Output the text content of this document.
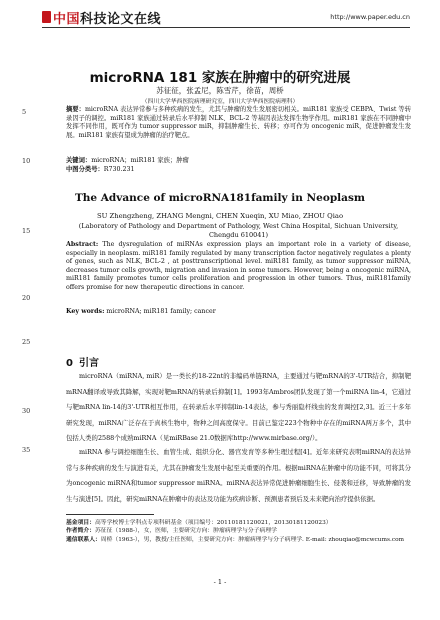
中国 科技论文在线	http://www.paper.edu.cn
5
10
15
20
25
30
35
microRNA 181 家族在肿瘤中的研究进展
苏征征，张孟尼，陈雪芹，徐苗，周桥
（四川大学华西医院病理研究室，四川大学华西医院病理科）
摘要：microRNA 表达异常参与多种疾病的发生，尤其与肿瘤的发生发展密切相关。miR181 家族受 CEBPA、Twist 等转录因子的调控。miR181 家族通过转录后水平抑制 NLK、BCL-2 等基因表达发挥生物学作用。miR181 家族在不同肿瘤中发挥不同作用，既可作为 tumor suppressor miR，抑制肿瘤生长、转移；亦可作为 oncogenic miR，促进肿瘤发生发展。miR181 家族有望成为肿瘤的治疗靶点。
关键词：microRNA；miR181 家族；肿瘤
中图分类号：R730.231
The Advance of microRNA181family in Neoplasm
SU Zhengzheng, ZHANG Mengni, CHEN Xueqin, XU Miao, ZHOU Qiao
(Laboratory of Pathology and Department of Pathology, West China Hospital, Sichuan University, Chengdu 610041)
Abstract: The dysregulation of miRNAs expression plays an important role in a variety of disease, especially in neoplasm. miR181 family regulated by many transcription factor negatively regulates a plenty of genes, such as NLK, BCL-2 , at posttranscriptional level. miR181 family, as tumor suppressor miRNA, decreases tumor cells growth, migration and invasion in some tumors. However, being a oncogenic miRNA, miR181 family promotes tumor cells proliferation and progression in other tumors. Thus, miR181family offers promise for new therapeutic directions in cancer.
Key words: microRNA; miR181 family; cancer
0 引言
microRNA（miRNA, miR）是一类长约18-22nt的非编码单链RNA，主要通过与靶mRNA的3'-UTR结合，抑制靶mRNA翻译或导致其降解，实现对靶mRNA的转录后抑制[1]。1993年Ambros团队发现了第一个miRNA lin-4，它通过与靶mRNA lin-14的3'-UTR相互作用，在转录后水平抑制lin-14表达，参与秀丽隐杆线虫的发育调控[2,3]。近三十多年研究发现，miRNA广泛存在于真核生物中，物种之间高度保守。目前已鉴定223个物种中存在的miRNA两万多个，其中包括人类的2588个成熟miRNA（见miRBase 21.0数据库http://www.mirbase.org/）。
miRNA 参与调控细胞生长、血管生成、组织分化、器官发育等多种生理过程[4]。近年来研究表明miRNA的表达异常与多种疾病的发生与演进有关，尤其在肿瘤发生发展中起至关重要的作用。根据miRNA在肿瘤中的功能不同，可将其分为oncogenic miRNA和tumor suppressor miRNA。miRNA表达异常促进肿瘤细胞生长、侵袭和迁移，导致肿瘤的发生与演进[5]。因此，研究miRNA在肿瘤中的表达及功能为疾病诊断、预测患者预后及未来靶向治疗提供依据。
基金项目：高等学校博士学科点专项科研基金（项目编号：20110181120021，20130181120023）
作者简介：苏征征（1988-），女，医师，主要研究方向：肿瘤病理学与分子病理学
通信联系人：周桥（1963-），男，教授/主任医师，主要研究方向：肿瘤病理学与分子病理学. E-mail: zhouqiao@mcwcums.com
- 1 -
